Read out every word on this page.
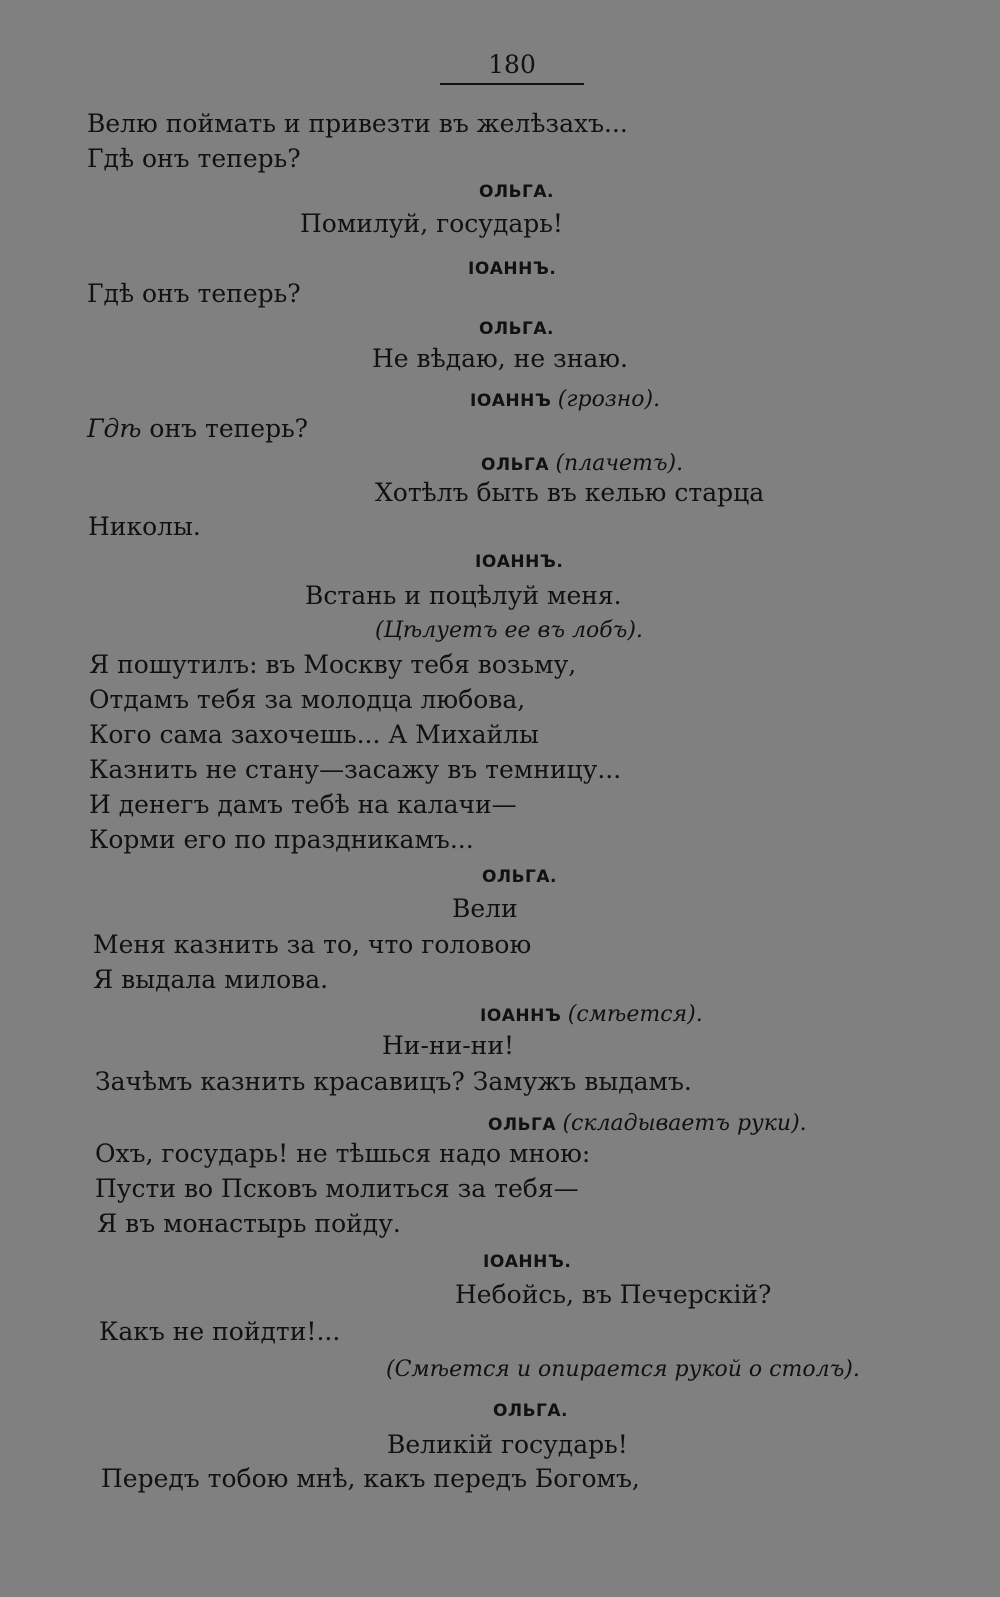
180
Велю поймать и привезти въ желѣзахъ...
Гдѣ онъ теперь?
ОЛЬГА.
Помилуй, государь!
ІОАННЪ.
Гдѣ онъ теперь?
ОЛЬГА.
Не вѣдаю, не знаю.
ІОАННЪ (грозно).
Гдѣ онъ теперь?
ОЛЬГА (плачетъ).
Хотѣлъ быть въ келью старца
Николы.
ІОАННЪ.
Встань и поцѣлуй меня.
(Цѣлуетъ ее въ лобъ).
Я пошутилъ: въ Москву тебя возьму,
Отдамъ тебя за молодца любова,
Кого сама захочешь... А Михайлы
Казнить не стану—засажу въ темницу...
И денегъ дамъ тебѣ на калачи—
Корми его по праздникамъ...
ОЛЬГА.
Вели
Меня казнить за то, что головою
Я выдала милова.
ІОАННЪ (смѣется).
Ни-ни-ни!
Зачѣмъ казнить красавицъ? Замужъ выдамъ.
ОЛЬГА (складываетъ руки).
Охъ, государь! не тѣшься надо мною:
Пусти во Псковъ молиться за тебя—
Я въ монастырь пойду.
ІОАННЪ.
Небойсь, въ Печерскій?
Какъ не пойдти!...
(Смѣется и опирается рукой о столъ).
ОЛЬГА.
Великій государь!
Передъ тобою мнѣ, какъ передъ Богомъ,
